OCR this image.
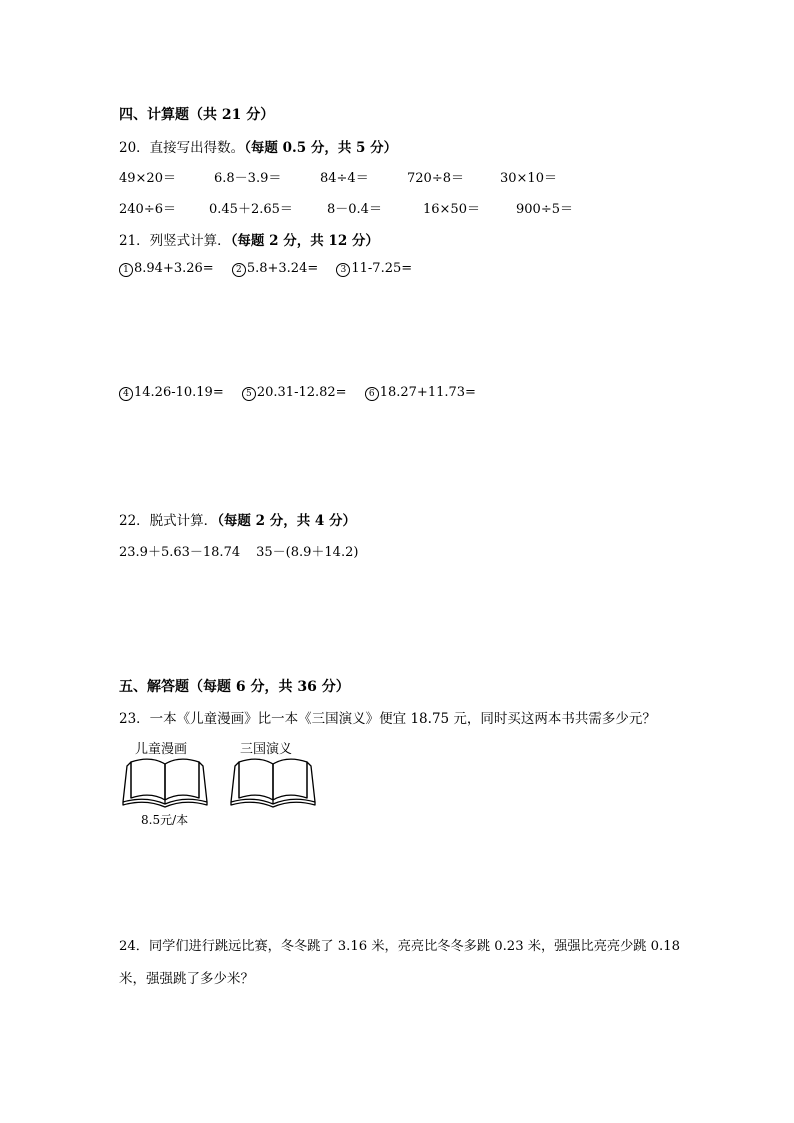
四、计算题（共 21 分）
20．直接写出得数。（每题 0.5 分，共 5 分）
49×20＝	6.8－3.9＝	84÷4＝	720÷8＝	30×10＝
240÷6＝	0.45＋2.65＝	8－0.4＝	16×50＝	900÷5＝
21．列竖式计算．（每题 2 分，共 12 分）
1 8.94+3.26= 2 5.8+3.24= 3 11-7.25=
4 14.26-10.19= 5 20.31-12.82= 6 18.27+11.73=
22．脱式计算．（每题 2 分，共 4 分）
23.9＋5.63－18.74 35－(8.9＋14.2)
五、解答题（每题 6 分，共 36 分）
23．一本《儿童漫画》比一本《三国演义》便宜 18.75 元，同时买这两本书共需多少元？
儿童漫画
8.5元/本
三国演义
24．同学们进行跳远比赛，冬冬跳了 3.16 米，亮亮比冬冬多跳 0.23 米，强强比亮亮少跳 0.18
米，强强跳了多少米？
